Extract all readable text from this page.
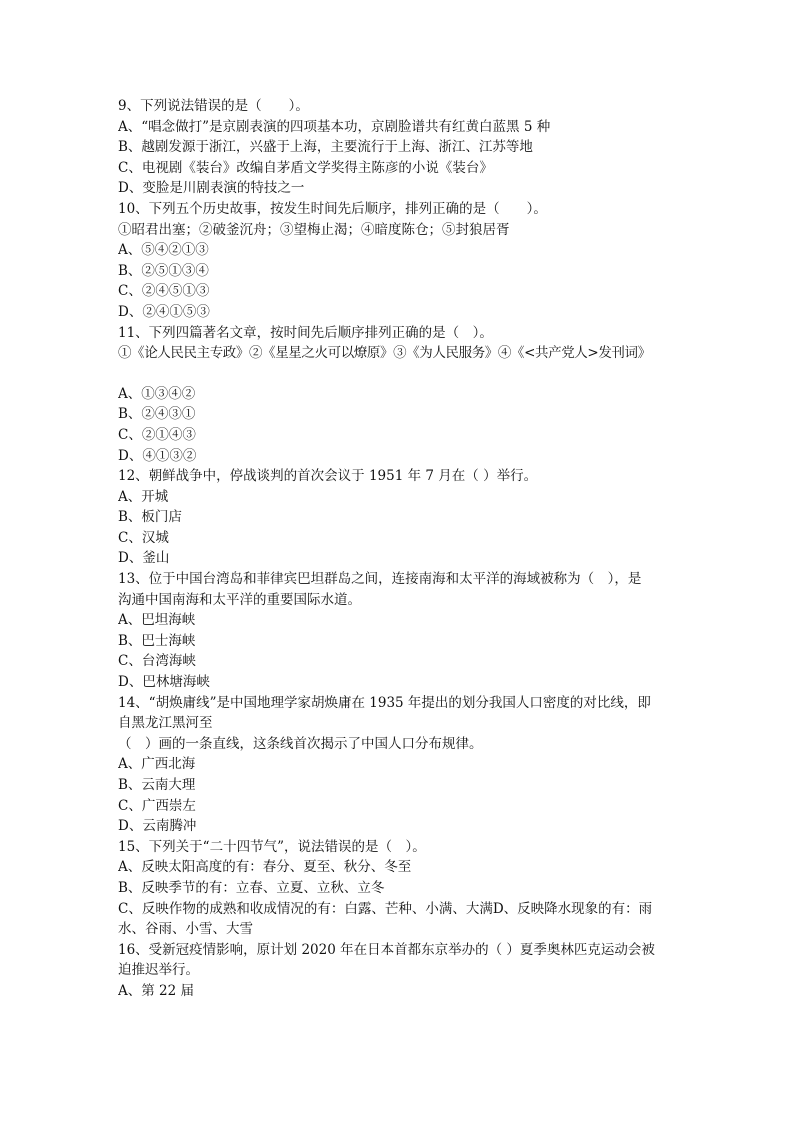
9、下列说法错误的是（　　）。
A、“唱念做打”是京剧表演的四项基本功，京剧脸谱共有红黄白蓝黑 5 种
B、越剧发源于浙江，兴盛于上海，主要流行于上海、浙江、江苏等地
C、电视剧《装台》改编自茅盾文学奖得主陈彦的小说《装台》
D、变脸是川剧表演的特技之一
10、下列五个历史故事，按发生时间先后顺序，排列正确的是（　　）。
①昭君出塞；②破釜沉舟；③望梅止渴；④暗度陈仓；⑤封狼居胥
A、⑤④②①③
B、②⑤①③④
C、②④⑤①③
D、②④①⑤③
11、下列四篇著名文章，按时间先后顺序排列正确的是（　）。
①《论人民民主专政》②《星星之火可以燎原》③《为人民服务》④《<共产党人>发刊词》
A、①③④②
B、②④③①
C、②①④③
D、④①③②
12、朝鲜战争中，停战谈判的首次会议于 1951 年 7 月在（ ）举行。
A、开城
B、板门店
C、汉城
D、釜山
13、位于中国台湾岛和菲律宾巴坦群岛之间，连接南海和太平洋的海域被称为（　），是
沟通中国南海和太平洋的重要国际水道。
A、巴坦海峡
B、巴士海峡
C、台湾海峡
D、巴林塘海峡
14、“胡焕庸线”是中国地理学家胡焕庸在 1935 年提出的划分我国人口密度的对比线，即
自黑龙江黑河至
（　）画的一条直线，这条线首次揭示了中国人口分布规律。
A、广西北海
B、云南大理
C、广西崇左
D、云南腾冲
15、下列关于“二十四节气”，说法错误的是（　）。
A、反映太阳高度的有：春分、夏至、秋分、冬至
B、反映季节的有：立春、立夏、立秋、立冬
C、反映作物的成熟和收成情况的有：白露、芒种、小满、大满D、反映降水现象的有：雨
水、谷雨、小雪、大雪
16、受新冠疫情影响，原计划 2020 年在日本首都东京举办的（ ）夏季奥林匹克运动会被
迫推迟举行。
A、第 22 届
